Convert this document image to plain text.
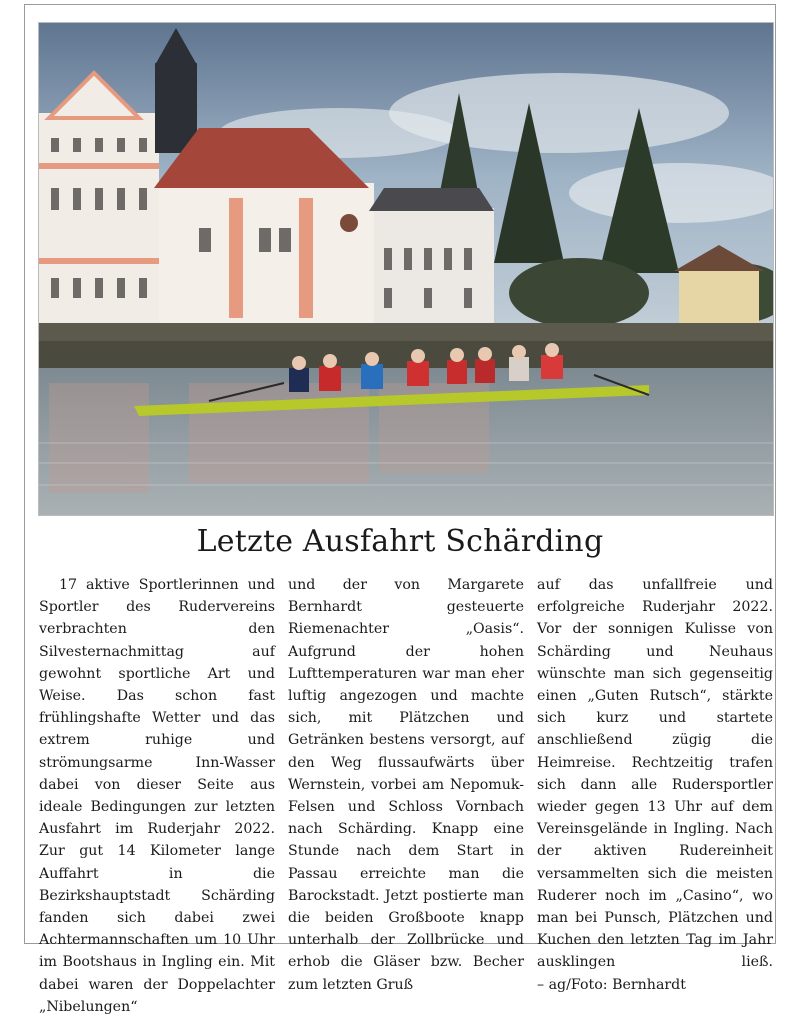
Letzte Ausfahrt Schärding

17 aktive Sportlerinnen und Sportler des Rudervereins verbrachten den Silvesternachmittag auf gewohnt sportliche Art und Weise. Das schon fast frühlingshafte Wetter und das extrem ruhige und strömungsarme Inn-Wasser dabei von dieser Seite aus ideale Bedingungen zur letzten Ausfahrt im Ruderjahr 2022. Zur gut 14 Kilometer lange Auffahrt in die Bezirkshauptstadt Schärding fanden sich dabei zwei Achtermannschaften um 10 Uhr im Bootshaus in Ingling ein. Mit dabei waren der Doppelachter „Nibelungen“

und der von Margarete Bernhardt gesteuerte Riemenachter „Oasis“. Aufgrund der hohen Lufttemperaturen war man eher luftig angezogen und machte sich, mit Plätzchen und Getränken bestens versorgt, auf den Weg flussaufwärts über Wernstein, vorbei am Nepomuk-Felsen und Schloss Vornbach nach Schärding. Knapp eine Stunde nach dem Start in Passau erreichte man die Barockstadt. Jetzt postierte man die beiden Großboote knapp unterhalb der Zollbrücke und erhob die Gläser bzw. Becher zum letzten Gruß

auf das unfallfreie und erfolgreiche Ruderjahr 2022. Vor der sonnigen Kulisse von Schärding und Neuhaus wünschte man sich gegenseitig einen „Guten Rutsch“, stärkte sich kurz und startete anschließend zügig die Heimreise. Rechtzeitig trafen sich dann alle Rudersportler wieder gegen 13 Uhr auf dem Vereinsgelände in Ingling. Nach der aktiven Rudereinheit versammelten sich die meisten Ruderer noch im „Casino“, wo man bei Punsch, Plätzchen und Kuchen den letzten Tag im Jahr ausklingen ließ. – ag/Foto: Bernhardt
